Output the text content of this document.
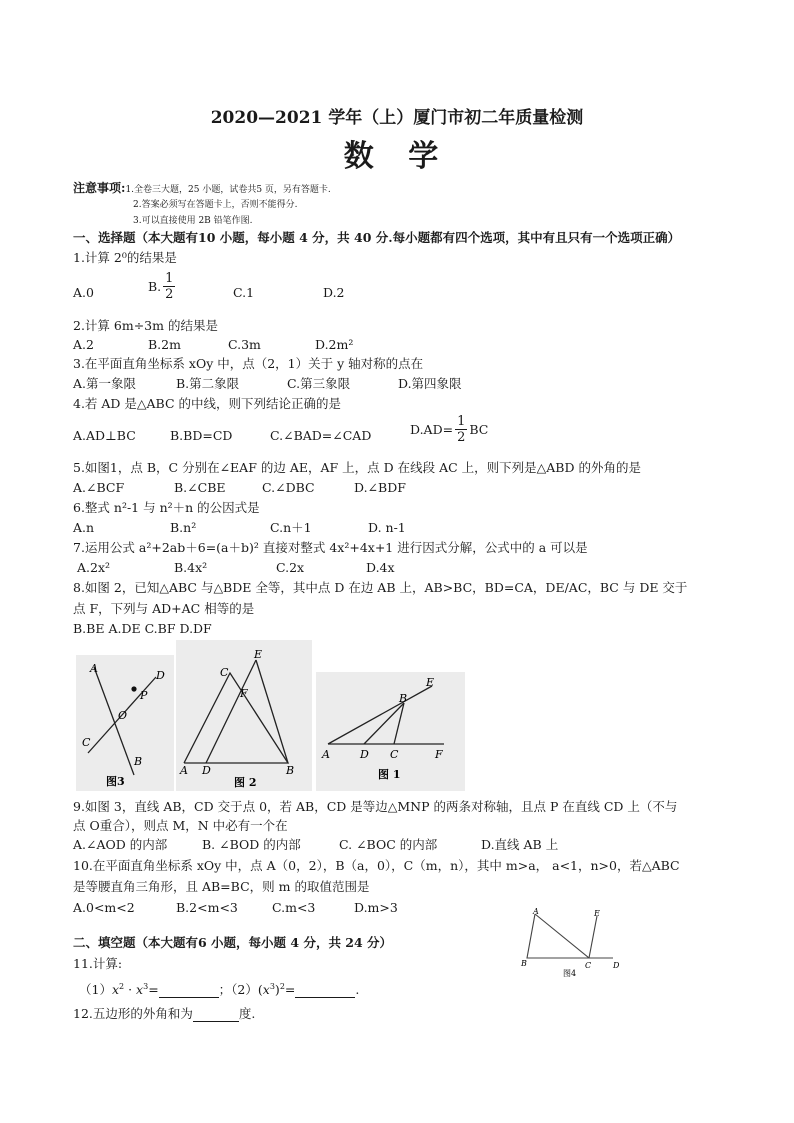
2020—2021 学年（上）厦门市初二年质量检测
数 学
注意事项:1.全卷三大题，25 小题，试卷共5 页，另有答题卡.
2.答案必须写在答题卡上，否则不能得分.
3.可以直接使用 2B 铅笔作图.
一、选择题（本大题有10 小题，每小题 4 分，共 40 分.每小题都有四个选项，其中有且只有一个选项正确）
1.计算 2⁰的结果是
A.0	B. $\frac{1}{2}$	C.1	D.2
2.计算 6m÷3m 的结果是
A.2	B.2m	C.3m	D.2m²
3.在平面直角坐标系 xOy 中，点（2，1）关于 y 轴对称的点在
A.第一象限	B.第二象限	C.第三象限	D.第四象限
4.若 AD 是△ABC 的中线，则下列结论正确的是
A.AD⊥BC	B.BD=CD	C.∠BAD=∠CAD	$D.AD= \frac{1}{2}$ BC
5.如图1，点 B，C 分别在∠EAF 的边 AE，AF 上，点 D 在线段 AC 上，则下列是△ABD 的外角的是
A.∠BCF	B.∠CBE	C.∠DBC	D.∠BDF
6.整式 n²-1 与 n²＋n 的公因式是
A.n	B.n²	C.n＋1	D. n-1
7.运用公式 a²+2ab＋6=(a＋b)² 直接对整式 4x²+4x+1 进行因式分解，公式中的 a 可以是
A.2x²	B.4x²	C.2x	D.4x
8.如图 2，已知△ABC 与△BDE 全等，其中点 D 在边 AB 上，AB>BC，BD=CA，DE/AC，BC 与 DE 交于
点 F，下列与 AD+AC 相等的是
B.BE A.DE C.BF D.DF
A
D
P
O
C
B
图3
E
C
F
A D	B
图 2
B
E
A	D C	F
图 1
9.如图 3，直线 AB，CD 交于点 0，若 AB，CD 是等边△MNP 的两条对称轴，且点 P 在直线 CD 上（不与
点 O重合），则点 M，N 中必有一个在
A.∠AOD 的内部	B. ∠BOD 的内部	C. ∠BOC 的内部	D.直线 AB 上
10.在平面直角坐标系 xOy 中，点 A（0，2），B（a，0），C（m，n），其中 m>a， a<1，n>0，若△ABC
是等腰直角三角形，且 AB=BC，则 m 的取值范围是
A.0<m<2	B.2<m<3	C.m<3	D.m>3	A	E
B	C	D
图4
二、填空题（本大题有6 小题，每小题 4 分，共 24 分）
11.计算:
$(1)x^2 \cdot x^3=$	；$(2)(x^3)^2=$	.
12.五边形的外角和为	度.
